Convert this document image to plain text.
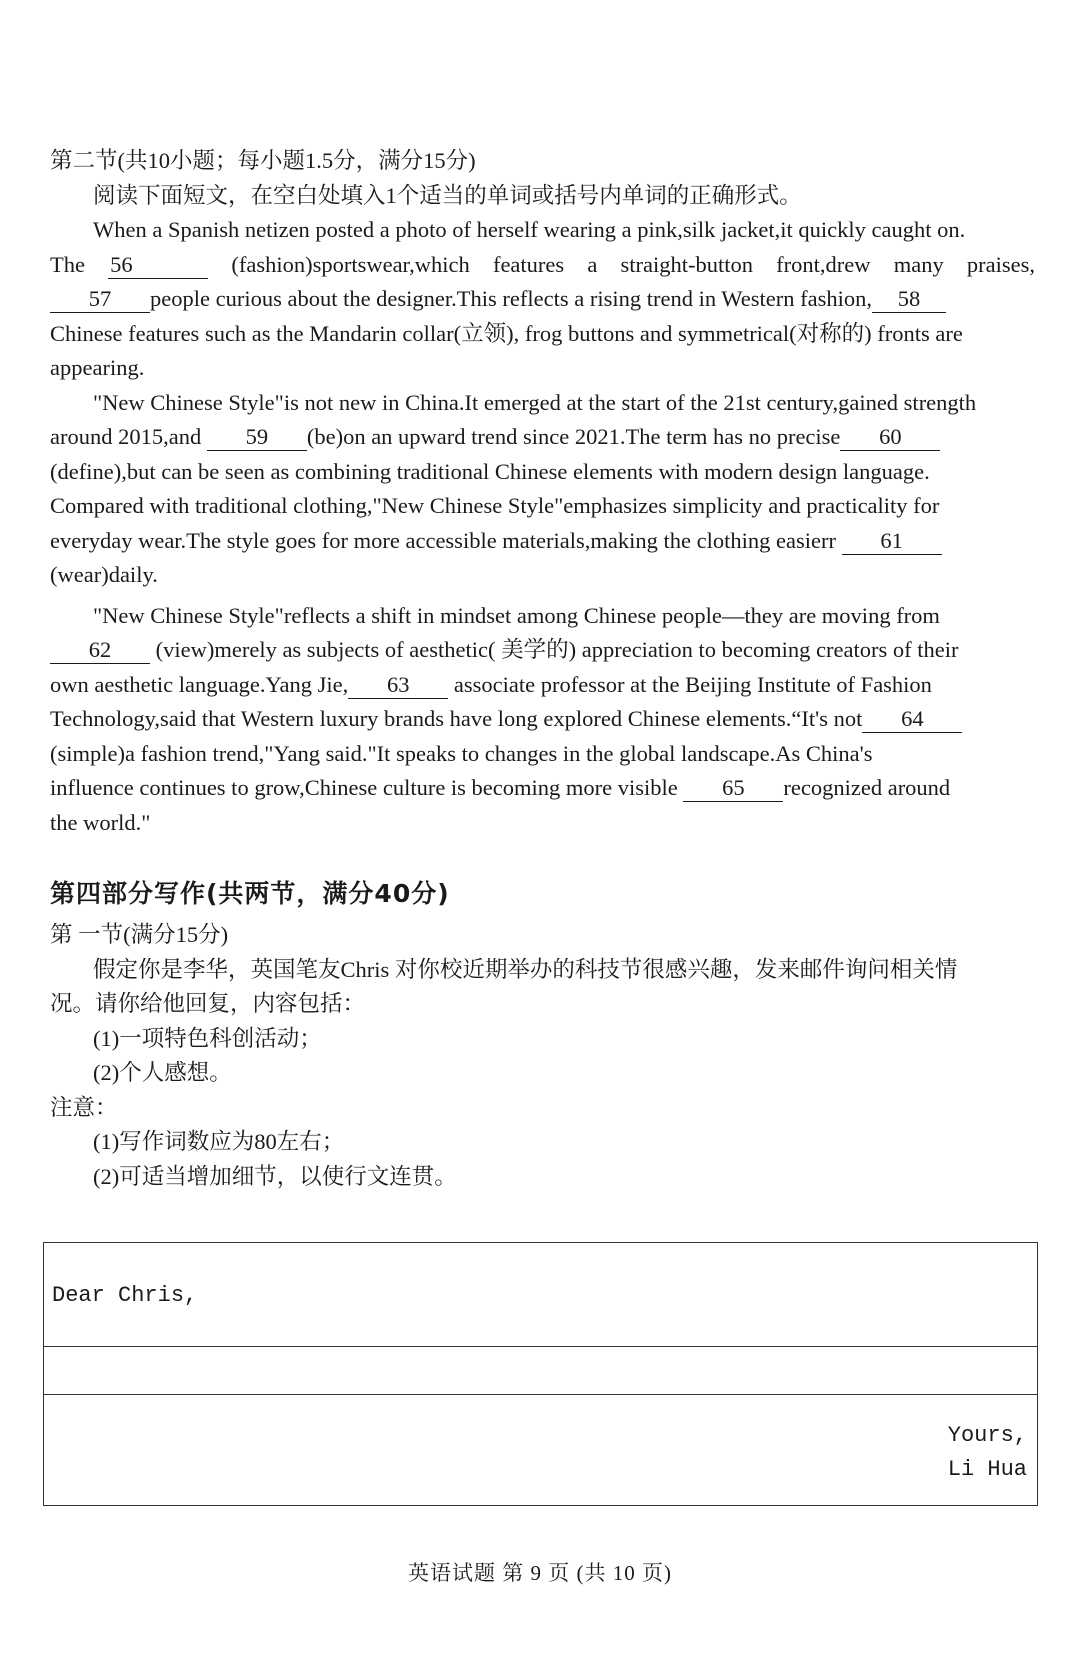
第二节(共10小题；每小题1.5分，满分15分)
阅读下面短文，在空白处填入1个适当的单词或括号内单词的正确形式。
When a Spanish netizen posted a photo of herself wearing a pink,silk jacket,it quickly caught on.
The 56	(fashion)sportswear,which features a straight-button front,drew many praises,
57 people curious about the designer.This reflects a rising trend in Western fashion, 58
Chinese features such as the Mandarin collar(立领), frog buttons and symmetrical(对称的) fronts are
appearing.
"New Chinese Style"is not new in China.It emerged at the start of the 21st century,gained strength
around 2015,and 59 (be)on an upward trend since 2021.The term has no precise 60
(define),but can be seen as combining traditional Chinese elements with modern design language.
Compared with traditional clothing,"New Chinese Style"emphasizes simplicity and practicality for
everyday wear.The style goes for more accessible materials,making the clothing easierr 61
(wear)daily.
"New Chinese Style"reflects a shift in mindset among Chinese people—they are moving from
62 (view)merely as subjects of aesthetic( 美学的) appreciation to becoming creators of their
own aesthetic language.Yang Jie, 63 associate professor at the Beijing Institute of Fashion
Technology,said that Western luxury brands have long explored Chinese elements.“It's not 64
(simple)a fashion trend,"Yang said."It speaks to changes in the global landscape.As China's
influence continues to grow,Chinese culture is becoming more visible 65 recognized around
the world."
第四部分写作(共两节，满分40分)
第 一节(满分15分)
假定你是李华，英国笔友Chris 对你校近期举办的科技节很感兴趣，发来邮件询问相关情
况。请你给他回复，内容包括：
(1)一项特色科创活动；
(2)个人感想。
注意：
(1)写作词数应为80左右；
(2)可适当增加细节，以使行文连贯。
Dear Chris,
Yours,
Li Hua
英语试题 第 9 页 (共 10 页)
